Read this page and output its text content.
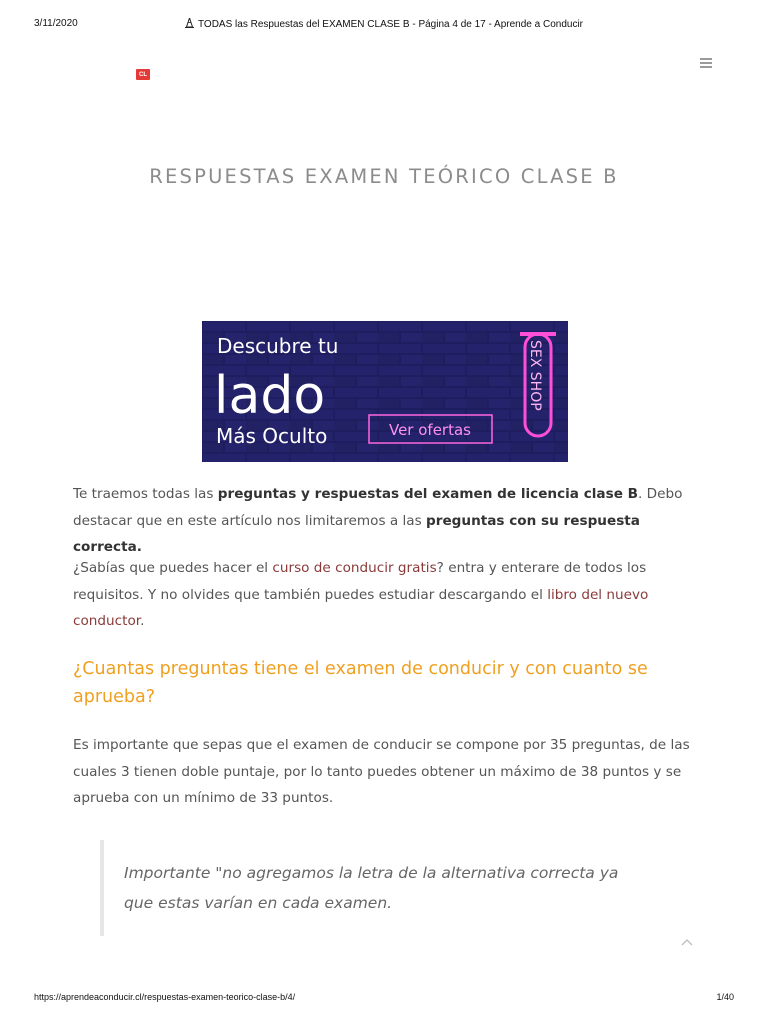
3/11/2020	TODAS las Respuestas del EXAMEN CLASE B - Página 4 de 17 - Aprende a Conducir
CL
RESPUESTAS EXAMEN TEÓRICO CLASE B
Descubre tu
lado
Más Oculto	Ver ofertas
SEX SHOP

Te traemos todas las preguntas y respuestas del examen de licencia clase B. Debo destacar que en este artículo nos limitaremos a las preguntas con su respuesta correcta.

¿Sabías que puedes hacer el curso de conducir gratis? entra y enterare de todos los requisitos. Y no olvides que también puedes estudiar descargando el libro del nuevo conductor.

¿Cuantas preguntas tiene el examen de conducir y con cuanto se aprueba?

Es importante que sepas que el examen de conducir se compone por 35 preguntas, de las cuales 3 tienen doble puntaje, por lo tanto puedes obtener un máximo de 38 puntos y se aprueba con un mínimo de 33 puntos.

Importante "no agregamos la letra de la alternativa correcta ya que estas varían en cada examen.
https://aprendeaconducir.cl/respuestas-examen-teorico-clase-b/4/	1/40
